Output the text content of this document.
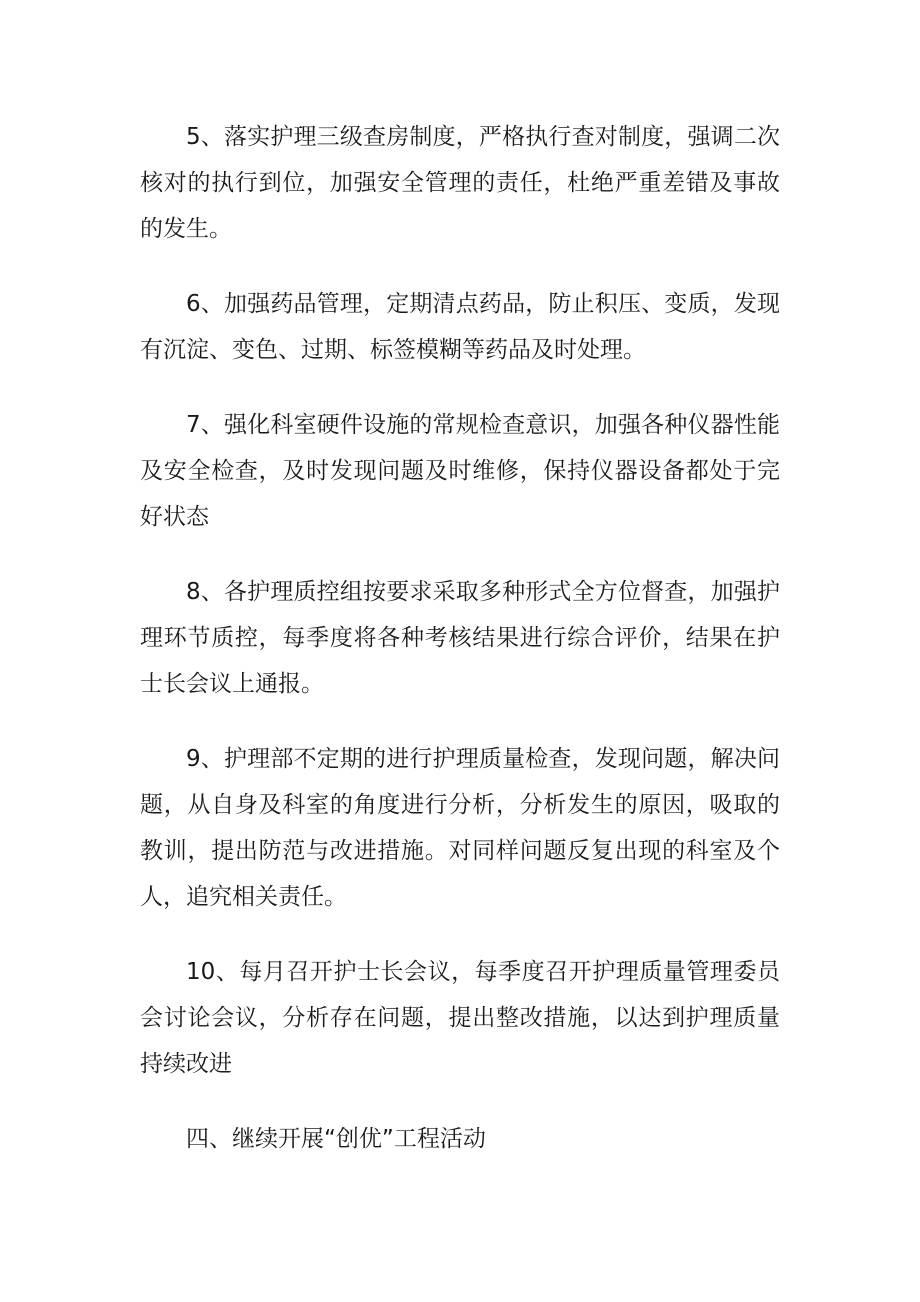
5、落实护理三级查房制度，严格执行查对制度，强调二次核对的执行到位，加强安全管理的责任，杜绝严重差错及事故的发生。

6、加强药品管理，定期清点药品，防止积压、变质，发现有沉淀、变色、过期、标签模糊等药品及时处理。

7、强化科室硬件设施的常规检查意识，加强各种仪器性能及安全检查，及时发现问题及时维修，保持仪器设备都处于完好状态

8、各护理质控组按要求采取多种形式全方位督查，加强护理环节质控，每季度将各种考核结果进行综合评价，结果在护士长会议上通报。

9、护理部不定期的进行护理质量检查，发现问题，解决问题，从自身及科室的角度进行分析，分析发生的原因，吸取的教训，提出防范与改进措施。对同样问题反复出现的科室及个人，追究相关责任。

10、每月召开护士长会议，每季度召开护理质量管理委员会讨论会议，分析存在问题，提出整改措施，以达到护理质量持续改进

四、继续开展“创优”工程活动
